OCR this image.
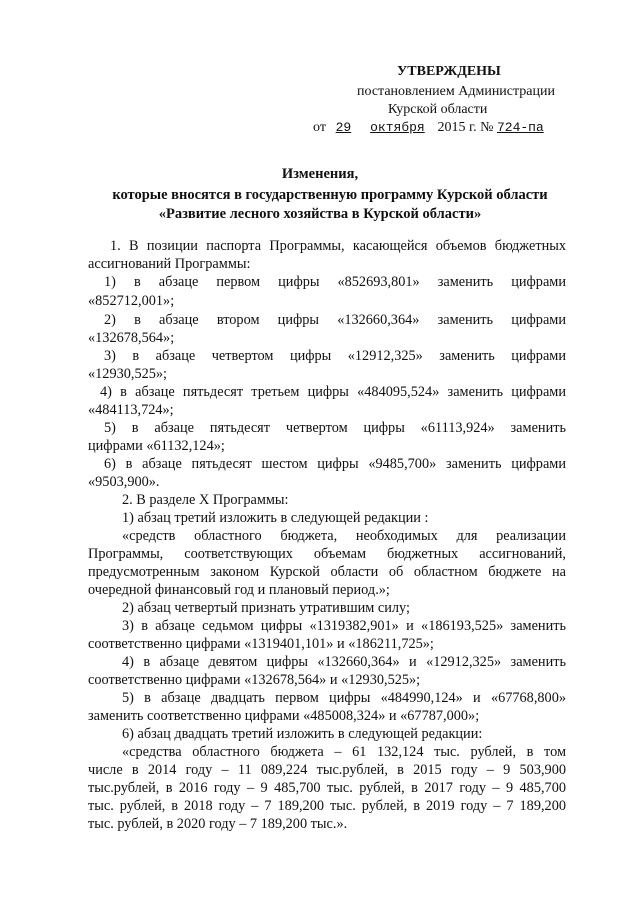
УТВЕРЖДЕНЫ
постановлением Администрации
Курской области
от 29 октября 2015 г. № 724-па
Изменения,
которые вносятся в государственную программу Курской области
«Развитие лесного хозяйства в Курской области»
1. В позиции паспорта Программы, касающейся объемов бюджетных
ассигнований Программы:
1) в абзаце первом цифры «852693,801» заменить цифрами
«852712,001»;
2) в абзаце втором цифры «132660,364» заменить цифрами
«132678,564»;
3) в абзаце четвертом цифры «12912,325» заменить цифрами
«12930,525»;
4) в абзаце пятьдесят третьем цифры «484095,524» заменить цифрами
«484113,724»;
5) в абзаце пятьдесят четвертом цифры «61113,924» заменить
цифрами «61132,124»;
6) в абзаце пятьдесят шестом цифры «9485,700» заменить цифрами
«9503,900».
2. В разделе X Программы:
1) абзац третий изложить в следующей редакции :
«средств областного бюджета, необходимых для реализации
Программы, соответствующих объемам бюджетных ассигнований,
предусмотренным законом Курской области об областном бюджете на
очередной финансовый год и плановый период.»;
2) абзац четвертый признать утратившим силу;
3) в абзаце седьмом цифры «1319382,901» и «186193,525» заменить
соответственно цифрами «1319401,101» и «186211,725»;
4) в абзаце девятом цифры «132660,364» и «12912,325» заменить
соответственно цифрами «132678,564» и «12930,525»;
5) в абзаце двадцать первом цифры «484990,124» и «67768,800»
заменить соответственно цифрами «485008,324» и «67787,000»;
6) абзац двадцать третий изложить в следующей редакции:
«средства областного бюджета – 61 132,124 тыс. рублей, в том
числе в 2014 году – 11 089,224 тыс.рублей, в 2015 году – 9 503,900
тыс.рублей, в 2016 году – 9 485,700 тыс. рублей, в 2017 году – 9 485,700
тыс. рублей, в 2018 году – 7 189,200 тыс. рублей, в 2019 году – 7 189,200
тыс. рублей, в 2020 году – 7 189,200 тыс.».
